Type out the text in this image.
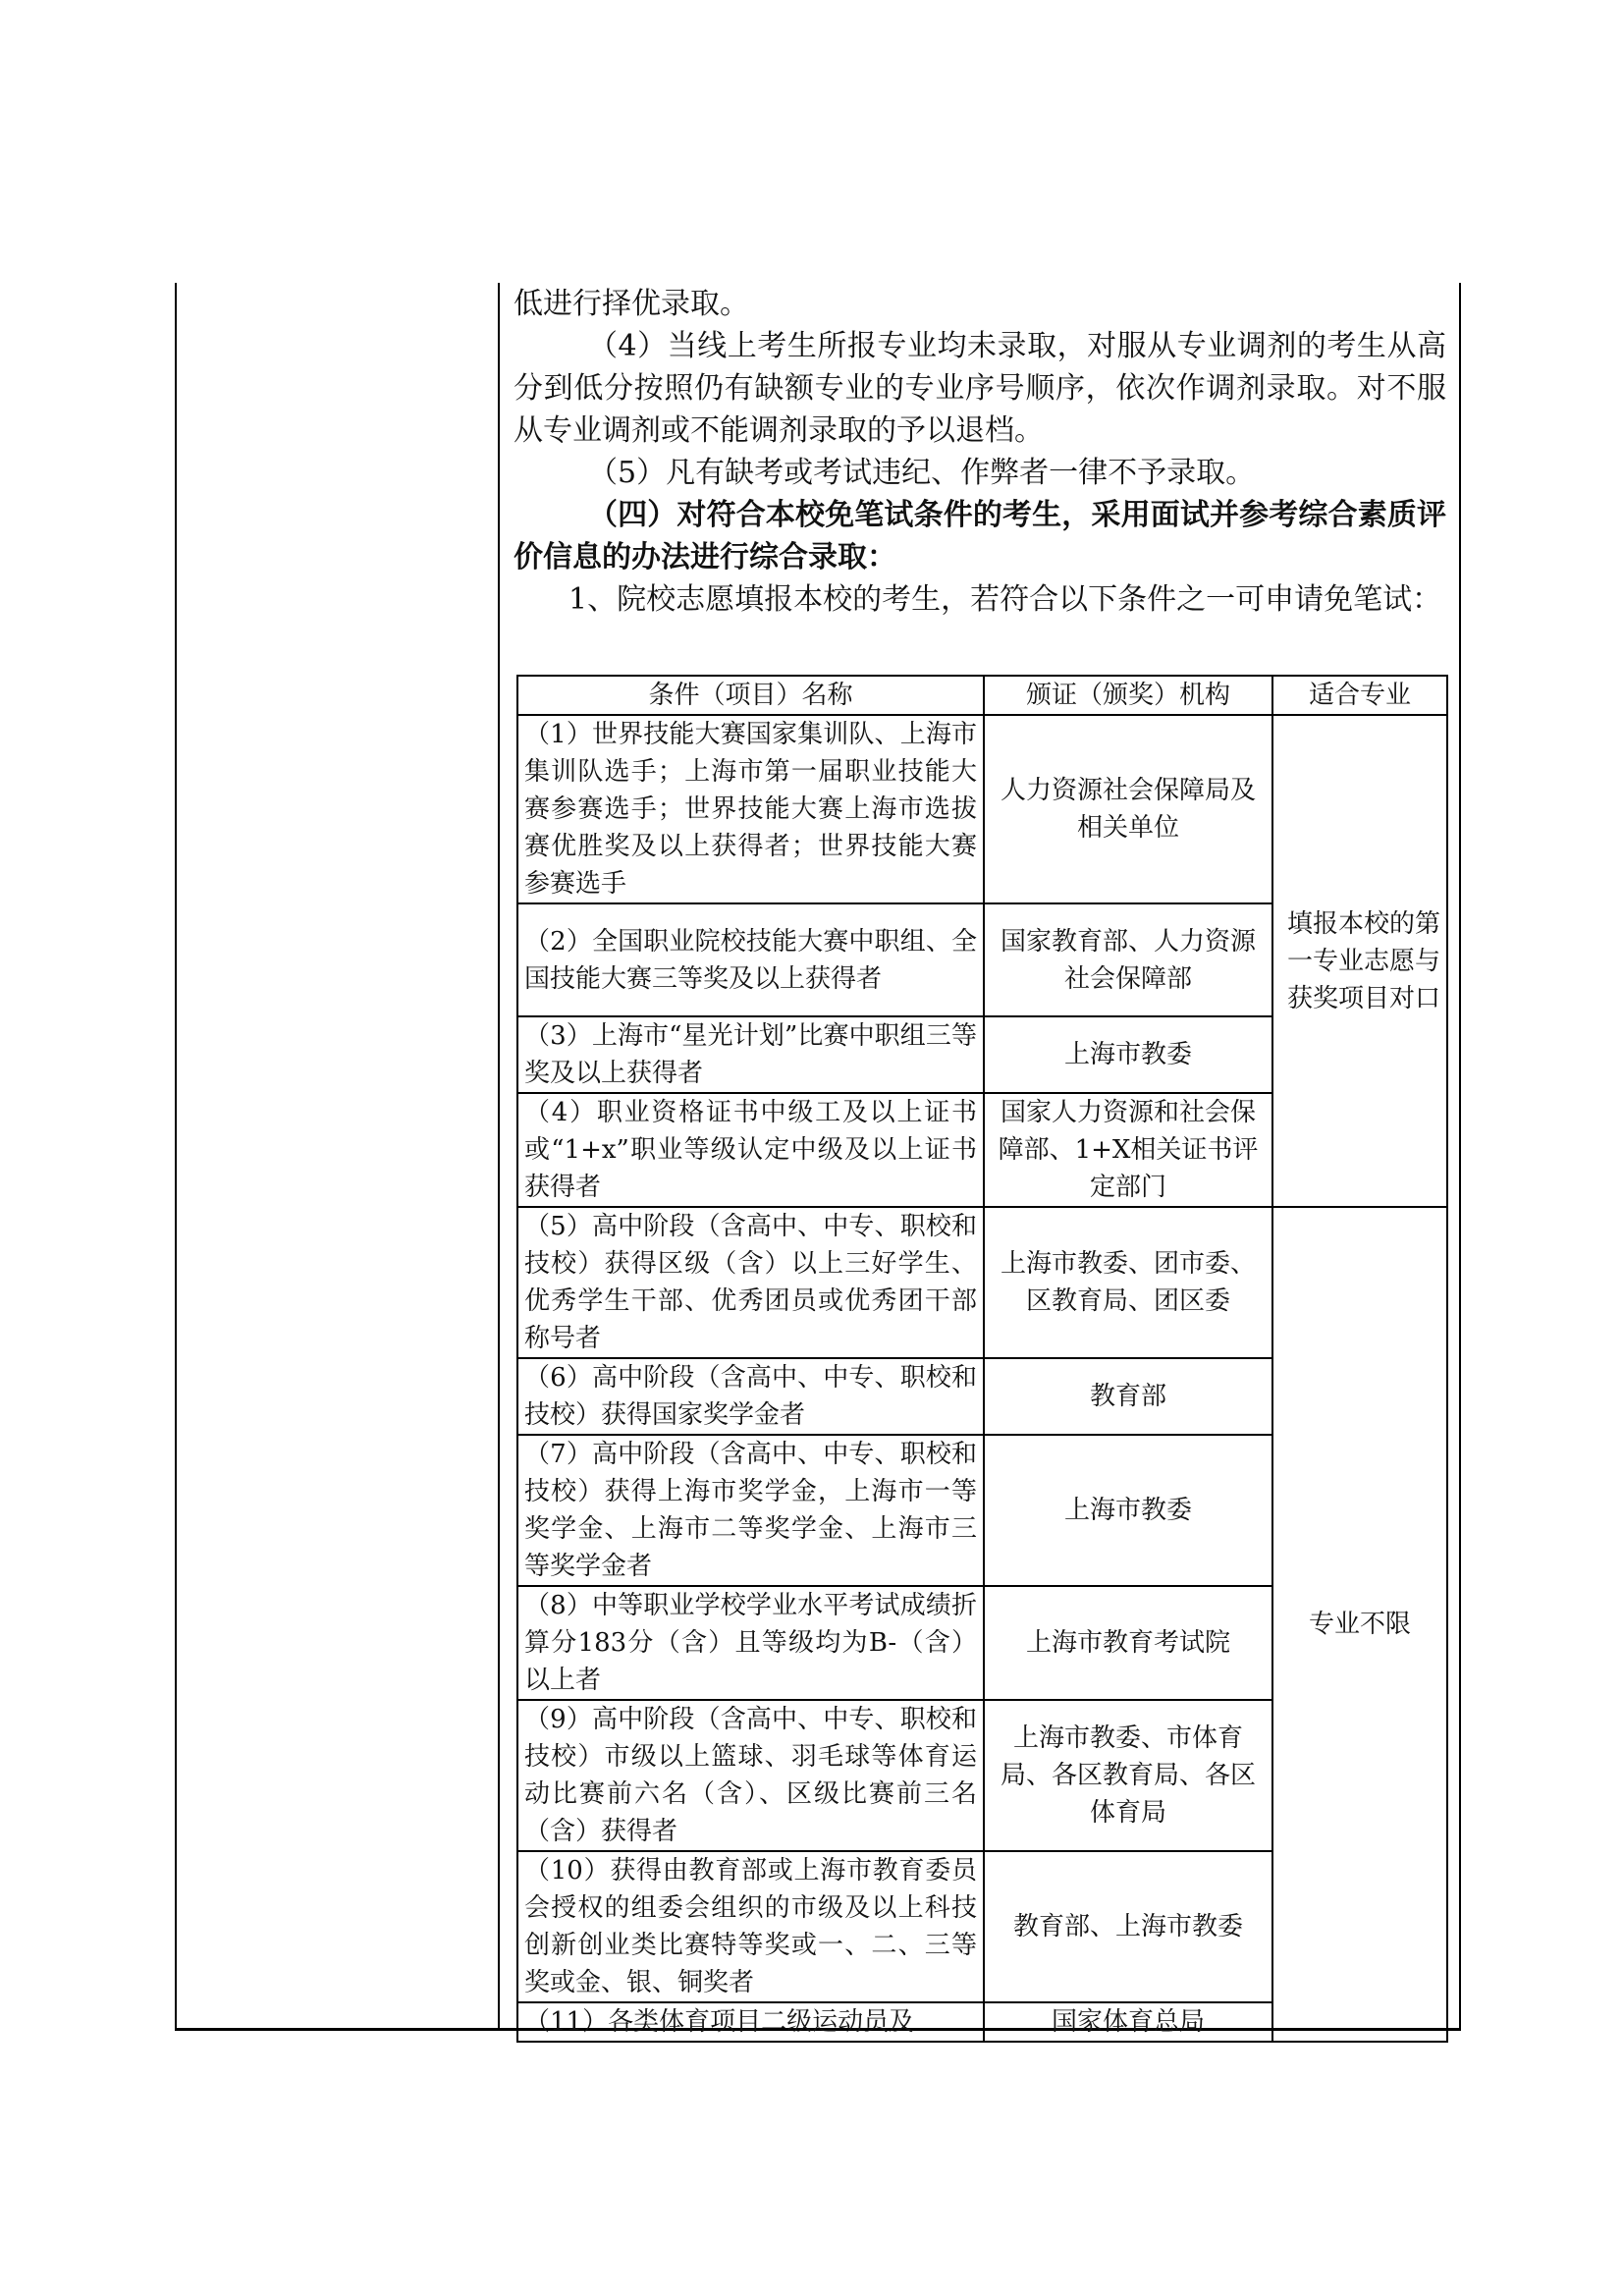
低进行择优录取。

（4）当线上考生所报专业均未录取，对服从专业调剂的考生从高分到低分按照仍有缺额专业的专业序号顺序，依次作调剂录取。对不服从专业调剂或不能调剂录取的予以退档。

（5）凡有缺考或考试违纪、作弊者一律不予录取。

（四）对符合本校免笔试条件的考生，采用面试并参考综合素质评价信息的办法进行综合录取：

1、院校志愿填报本校的考生，若符合以下条件之一可申请免笔试：

条件（项目）名称	颁证（颁奖）机构	适合专业
（1）世界技能大赛国家集训队、上海市集训队选手；上海市第一届职业技能大赛参赛选手；世界技能大赛上海市选拔赛优胜奖及以上获得者；世界技能大赛参赛选手	人力资源社会保障局及相关单位	填报本校的第一专业志愿与获奖项目对口
（2）全国职业院校技能大赛中职组、全国技能大赛三等奖及以上获得者	国家教育部、人力资源社会保障部	
（3）上海市“星光计划”比赛中职组三等奖及以上获得者	上海市教委	
（4）职业资格证书中级工及以上证书或“1+x”职业等级认定中级及以上证书获得者	国家人力资源和社会保障部、1+X相关证书评定部门	
（5）高中阶段（含高中、中专、职校和技校）获得区级（含）以上三好学生、优秀学生干部、优秀团员或优秀团干部称号者	上海市教委、团市委、区教育局、团区委	专业不限
（6）高中阶段（含高中、中专、职校和技校）获得国家奖学金者	教育部	
（7）高中阶段（含高中、中专、职校和技校）获得上海市奖学金，上海市一等奖学金、上海市二等奖学金、上海市三等奖学金者	上海市教委	
（8）中等职业学校学业水平考试成绩折算分183分（含）且等级均为B-（含）以上者	上海市教育考试院	
（9）高中阶段（含高中、中专、职校和技校）市级以上篮球、羽毛球等体育运动比赛前六名（含）、区级比赛前三名（含）获得者	上海市教委、市体育局、各区教育局、各区体育局	
（10）获得由教育部或上海市教育委员会授权的组委会组织的市级及以上科技创新创业类比赛特等奖或一、二、三等奖或金、银、铜奖者	教育部、上海市教委	
（11）各类体育项目二级运动员及	国家体育总局	
